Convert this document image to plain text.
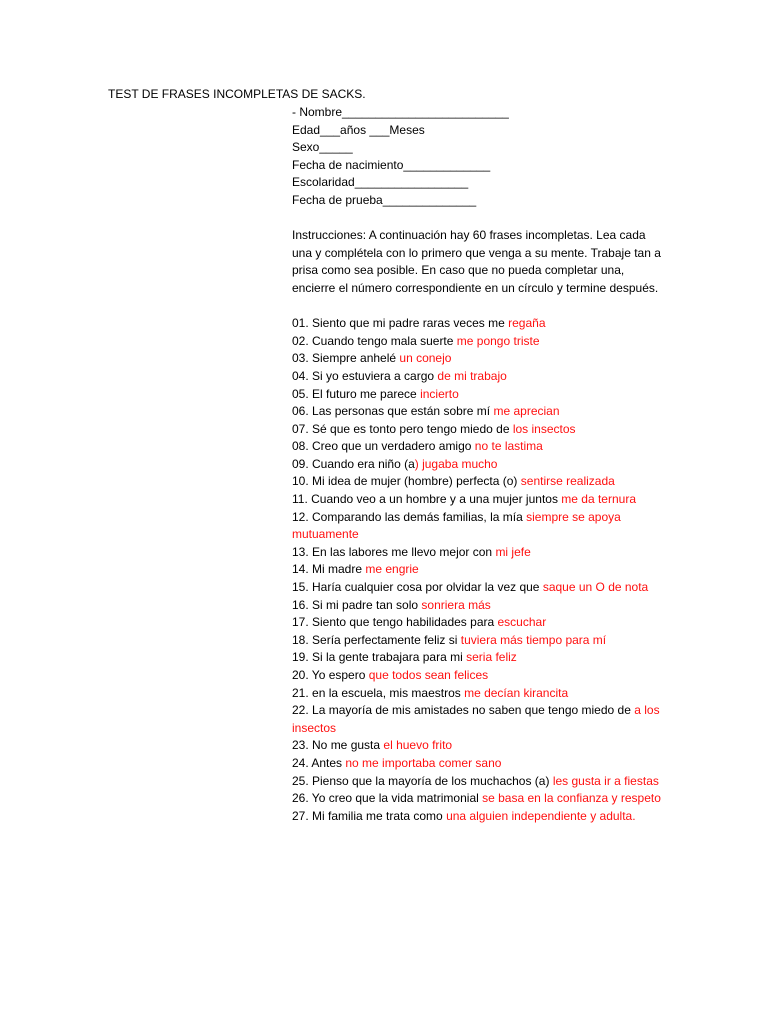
TEST DE FRASES INCOMPLETAS DE SACKS.
- Nombre_________________________
Edad___años ___Meses
Sexo_____
Fecha de nacimiento_____________
Escolaridad_________________
Fecha de prueba______________
Instrucciones: A continuación hay 60 frases incompletas. Lea cada una y complétela con lo primero que venga a su mente. Trabaje tan a prisa como sea posible. En caso que no pueda completar una, encierre el número correspondiente en un círculo y termine después.
01. Siento que mi padre raras veces me regaña
02. Cuando tengo mala suerte me pongo triste
03. Siempre anhelé un conejo
04. Si yo estuviera a cargo de mi trabajo
05. El futuro me parece incierto
06. Las personas que están sobre mí me aprecian
07. Sé que es tonto pero tengo miedo de los insectos
08. Creo que un verdadero amigo no te lastima
09. Cuando era niño (a) jugaba mucho
10. Mi idea de mujer (hombre) perfecta (o) sentirse realizada
11. Cuando veo a un hombre y a una mujer juntos me da ternura
12. Comparando las demás familias, la mía siempre se apoya mutuamente
13. En las labores me llevo mejor con mi jefe
14. Mi madre me engrie
15. Haría cualquier cosa por olvidar la vez que saque un O de nota
16. Si mi padre tan solo sonriera más
17. Siento que tengo habilidades para escuchar
18. Sería perfectamente feliz si tuviera más tiempo para mí
19. Si la gente trabajara para mi seria feliz
20. Yo espero que todos sean felices
21. en la escuela, mis maestros me decían kirancita
22. La mayoría de mis amistades no saben que tengo miedo de a los insectos
23. No me gusta el huevo frito
24. Antes no me importaba comer sano
25. Pienso que la mayoría de los muchachos (a) les gusta ir a fiestas
26. Yo creo que la vida matrimonial se basa en la confianza y respeto
27. Mi familia me trata como una alguien independiente y adulta.
